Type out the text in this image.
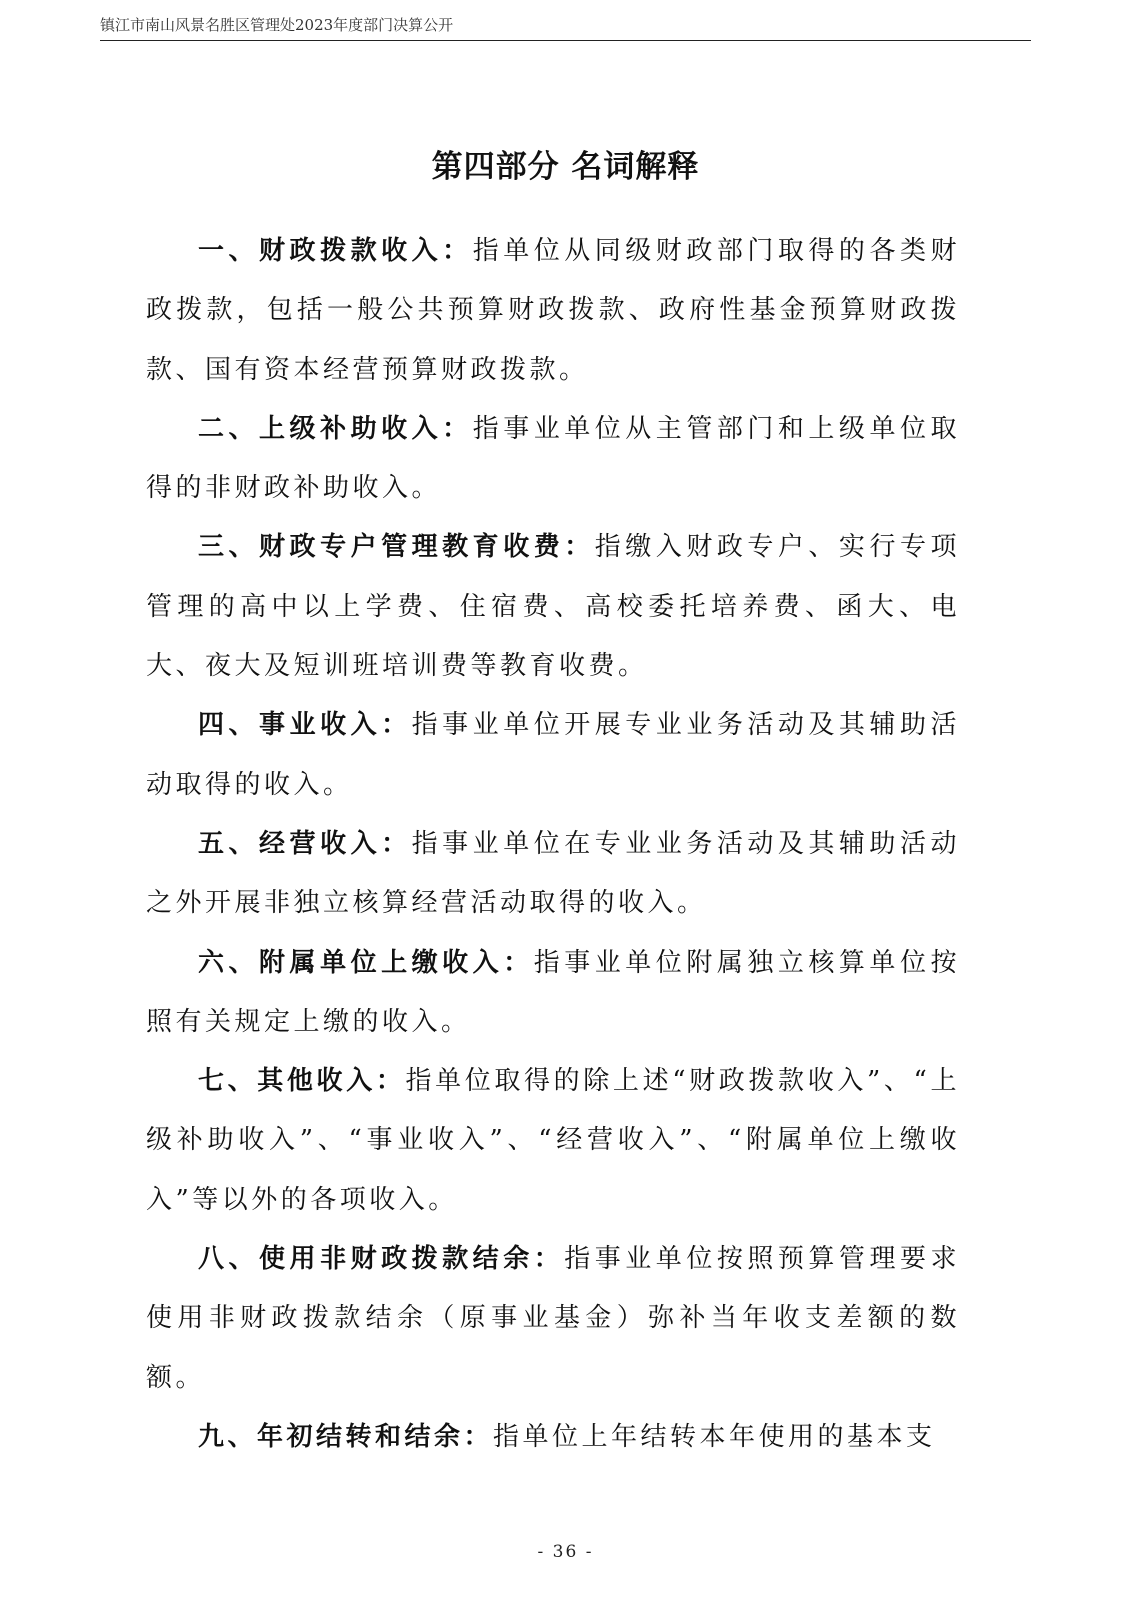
镇江市南山风景名胜区管理处2023年度部门决算公开
第四部分 名词解释

一、财政拨款收入：指单位从同级财政部门取得的各类财政拨款，包括一般公共预算财政拨款、政府性基金预算财政拨款、国有资本经营预算财政拨款。

二、上级补助收入：指事业单位从主管部门和上级单位取得的非财政补助收入。

三、财政专户管理教育收费：指缴入财政专户、实行专项管理的高中以上学费、住宿费、高校委托培养费、函大、电大、夜大及短训班培训费等教育收费。

四、事业收入：指事业单位开展专业业务活动及其辅助活动取得的收入。

五、经营收入：指事业单位在专业业务活动及其辅助活动之外开展非独立核算经营活动取得的收入。

六、附属单位上缴收入：指事业单位附属独立核算单位按照有关规定上缴的收入。

七、其他收入：指单位取得的除上述“财政拨款收入”、“上级补助收入”、“事业收入”、“经营收入”、“附属单位上缴收入”等以外的各项收入。

八、使用非财政拨款结余：指事业单位按照预算管理要求使用非财政拨款结余（原事业基金）弥补当年收支差额的数额。

九、年初结转和结余：指单位上年结转本年使用的基本支

- 36 -
